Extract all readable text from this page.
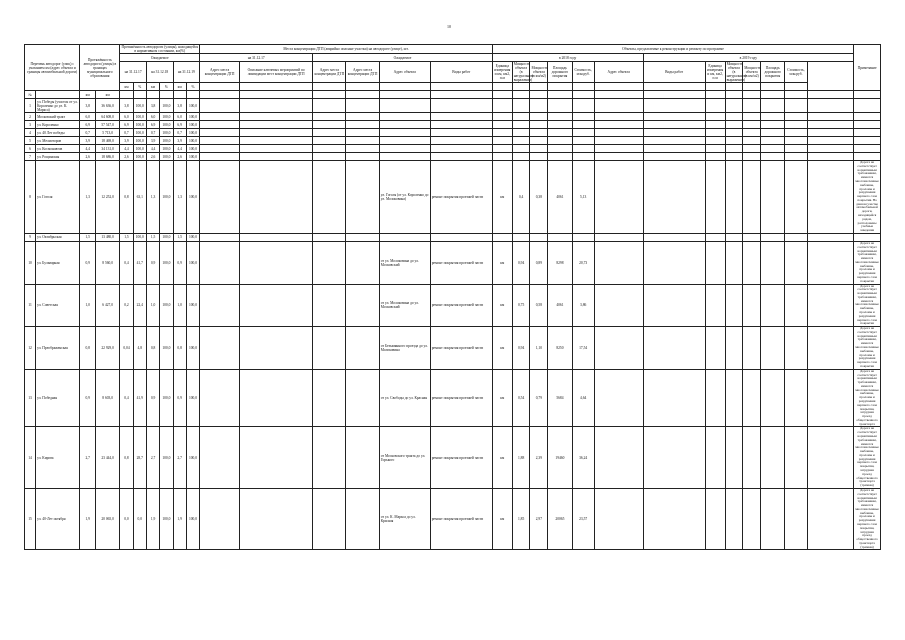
10
Перечень автодорог (улиц) с указанием км (адрес объекта и границы автомобильной дороги)		Протяжённость автодороги (улицы) в границах муниципального образования		Протяжённость автодороги (улицы), находящейся в нормативном состоянии, км(%)						Места концентрации ДТП (аварийно опасные участки) на автодороге (улице), шт.						Объекты, предлагаемые к реконструкции и ремонту по программе													Примечание
				Ожидаемое						на 31.12.17		Ожидаемое				в 2018 году						в 2019 году							
				на 31.12.17		на 31.12.18		на 31.12.19		Адрес места концентрации ДТП	Описание ключевых мероприятий по ликвидации мест концентрации ДТП	Адрес места концентрации ДТП	Адрес места концентрации ДТП	Адрес объекта	Виды работ	Единица измерения и км, км2, п.м	Мощность объекта (в натуральном выражении)	Мощность объекта (в км/м2)	Площадь дорожного покрытия	Стоимость, млн.руб.	Адрес объекта	Виды работ	Единица измерения и км, км2, п.м	Мощность объекта (в натуральном выражении)	Мощность объекта (в км/м2)	Площадь дорожного покрытия	Стоимость, млн.руб.		
				км	%	км	%	км	%																				
№		км	км																										
1	ул. Победы (участок от ул. Короленко до ул. К. Маркса)	3,8	36 636,0	3,8	100,0	3,8	100,0	3,8	100,0																				
2	Московский тракт	6,0	64 608,0	6,0	100,0	6,0	100,0	6,0	100,0																				
3	ул. Короленко	6,9	57 547,0	6,9	100,0	6,9	100,0	6,9	100,0																				
4	ул. 40 Лет победы	0,7	5 713,0	0,7	100,0	0,7	100,0	0,7	100,0																				
5	ул. Мелиоторов	3,9	18 469,0	3,9	100,0	3,9	100,0	3,9	100,0																				
6	ул. Космонавтов	4,4	34 131,0	4,4	100,0	4,4	100,0	4,4	100,0																				
7	ул. Рощинская	2,6	18 686,0	2,6	100,0	2,6	100,0	2,6	100,0																				
8	ул. Гоголя	1,3	12 252,0	0,8	63,1	1,3	100,0	1,3	100,0					ул. Гоголя (от ул. Короленко до ул. Молоковина)	ремонт покрытия проезжей части	км	0,4	0,38	4061	5,13									Дорога не соответствует нормативным требованиям, имеются многочисленные выбоины, проломы и разрушения верхнего слоя покрытия. На данном участке автомобильной дороги, находящейся рядом, расположены учебные заведения
9	ул. Октябрьская	1,5	13 480,0	1,5	100,0	1,5	100,0	1,5	100,0																				
10	ул. Бульварная	0,9	8 560,0	0,4	41,7	0,9	100,0	0,9	100,0					от ул. Молоковина до ул. Московский	ремонт покрытия проезжей части	км	0,94	0,89	8298	20,73									Дорога не соответствует нормативным требованиям, имеются многочисленные выбоины, проломы и разрушения верхнего слоя покрытия
11	ул. Советская	1,0	6 427,0	0,2	22,4	1,0	100,0	1,0	100,0					от ул. Молоковина до ул. Московский	ремонт покрытия проезжей части	км	0,75	0,58	4061	3,86									Дорога не соответствует нормативным требованиям, имеются многочисленные выбоины, проломы и разрушения верхнего слоя покрытия
12	ул. Преображенская	0,8	22 929,0	0,04	4,8	0,8	100,0	0,8	100,0					от Безымянного проезда до ул. Молоковина	ремонт покрытия проезжей части	км	0,94	1,10	8250	17,54									Дорога не соответствует нормативным требованиям, имеются многочисленные выбоины, проломы и разрушения верхнего слоя покрытия
13	ул. Победная	0,9	8 603,0	0,4	41,9	0,9	100,0	0,9	100,0					от ул. Свободы до ул. Красная	ремонт покрытия проезжей части	км	0,54	0,79	5684	4,64									Дорога не соответствует нормативным требованиям, имеются многочисленные выбоины, проломы и разрушения верхнего слоя покрытия, затруднен проезд общественного транспорта
14	ул. Кирова	2,7	23 444,0	0,8	28,7	2,7	100,0	2,7	100,0					от Московского тракта до ул. Горького	ремонт покрытия проезжей части	км	1,88	2,39	19460	36,24									Дорога не соответствует нормативным требованиям, имеются многочисленные выбоины, проломы и разрушения верхнего слоя покрытия, затруднен проезд общественного транспорта (трамвая)
15	ул. 40-Лет октября	1,9	20 065,0	0,0	0,0	1,9	100,0	1,9	100,0					от ул. К. Маркса до ул. Красная	ремонт покрытия проезжей части	км	1,85	2,97	20065	23,57									Дорога не соответствует нормативным требованиям, имеются многочисленные выбоины, проломы и разрушения верхнего слоя покрытия, затруднен проезд общественного транспорта (трамвая)
